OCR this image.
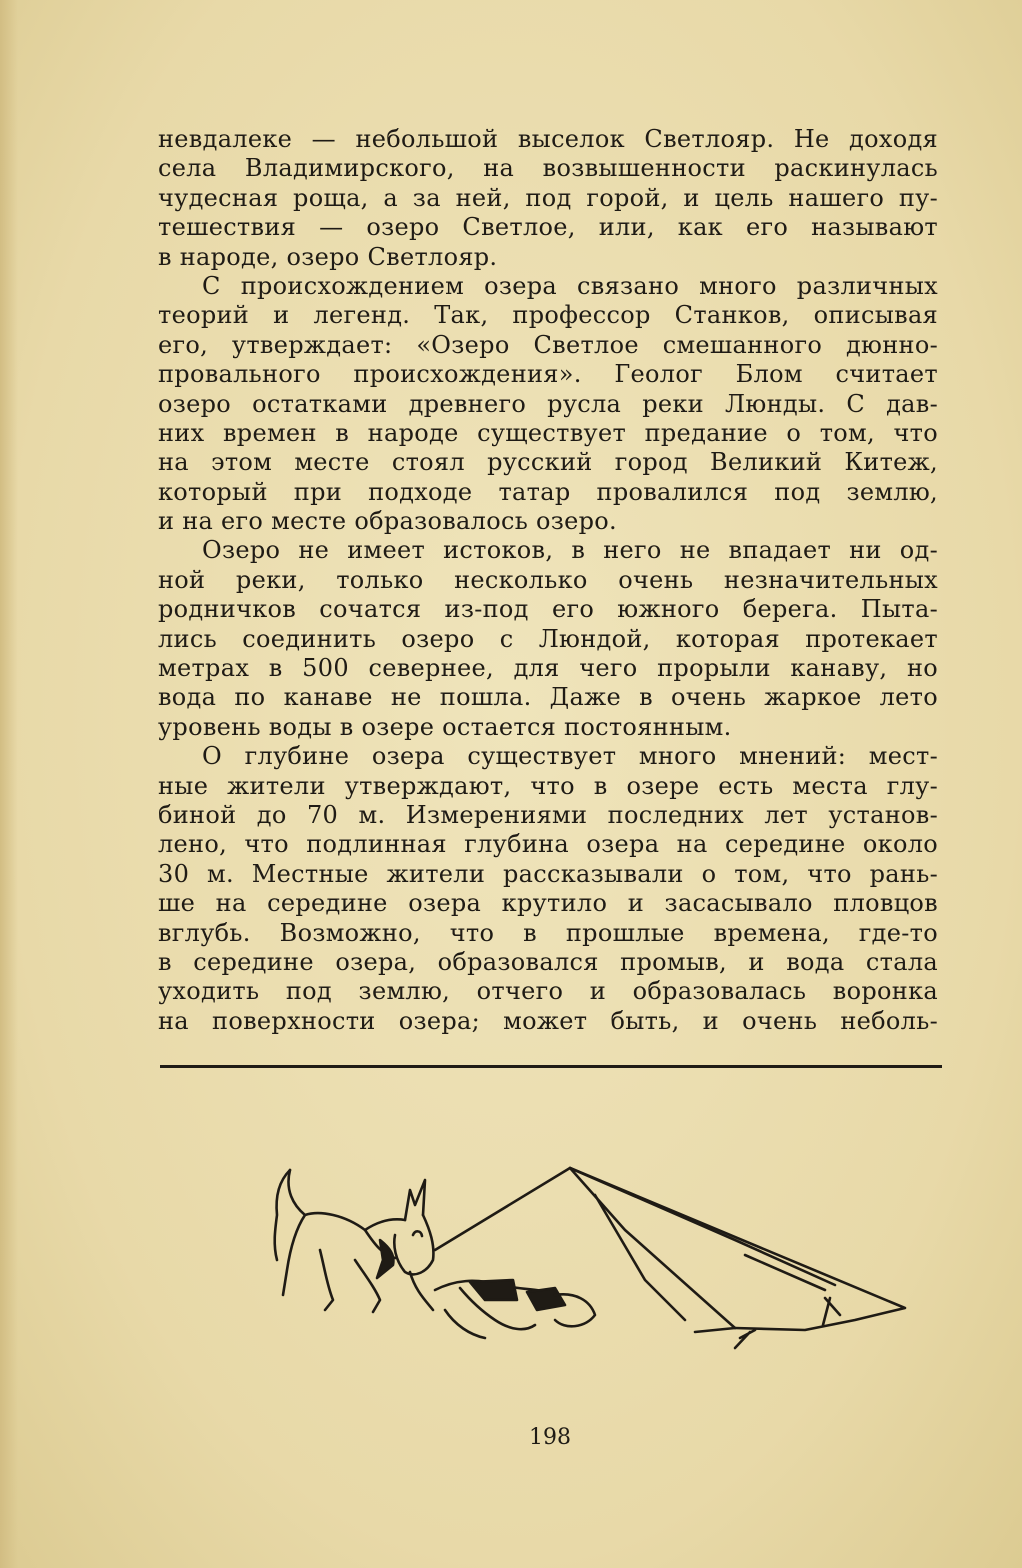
невдалеке — небольшой выселок Светлояр. Не доходя
села Владимирского, на возвышенности раскинулась
чудесная роща, а за ней, под горой, и цель нашего пу-
тешествия — озеро Светлое, или, как его называют
в народе, озеро Светлояр.
С происхождением озера связано много различных
теорий и легенд. Так, профессор Станков, описывая
его, утверждает: «Озеро Светлое смешанного дюнно-
провального происхождения». Геолог Блом считает
озеро остатками древнего русла реки Люнды. С дав-
них времен в народе существует предание о том, что
на этом месте стоял русский город Великий Китеж,
который при подходе татар провалился под землю,
и на его месте образовалось озеро.
Озеро не имеет истоков, в него не впадает ни од-
ной реки, только несколько очень незначительных
родничков сочатся из-под его южного берега. Пыта-
лись соединить озеро с Люндой, которая протекает
метрах в 500 севернее, для чего прорыли канаву, но
вода по канаве не пошла. Даже в очень жаркое лето
уровень воды в озере остается постоянным.
О глубине озера существует много мнений: мест-
ные жители утверждают, что в озере есть места глу-
биной до 70 м. Измерениями последних лет установ-
лено, что подлинная глубина озера на середине около
30 м. Местные жители рассказывали о том, что рань-
ше на середине озера крутило и засасывало пловцов
вглубь. Возможно, что в прошлые времена, где-то
в середине озера, образовался промыв, и вода стала
уходить под землю, отчего и образовалась воронка
на поверхности озера; может быть, и очень неболь-
198
